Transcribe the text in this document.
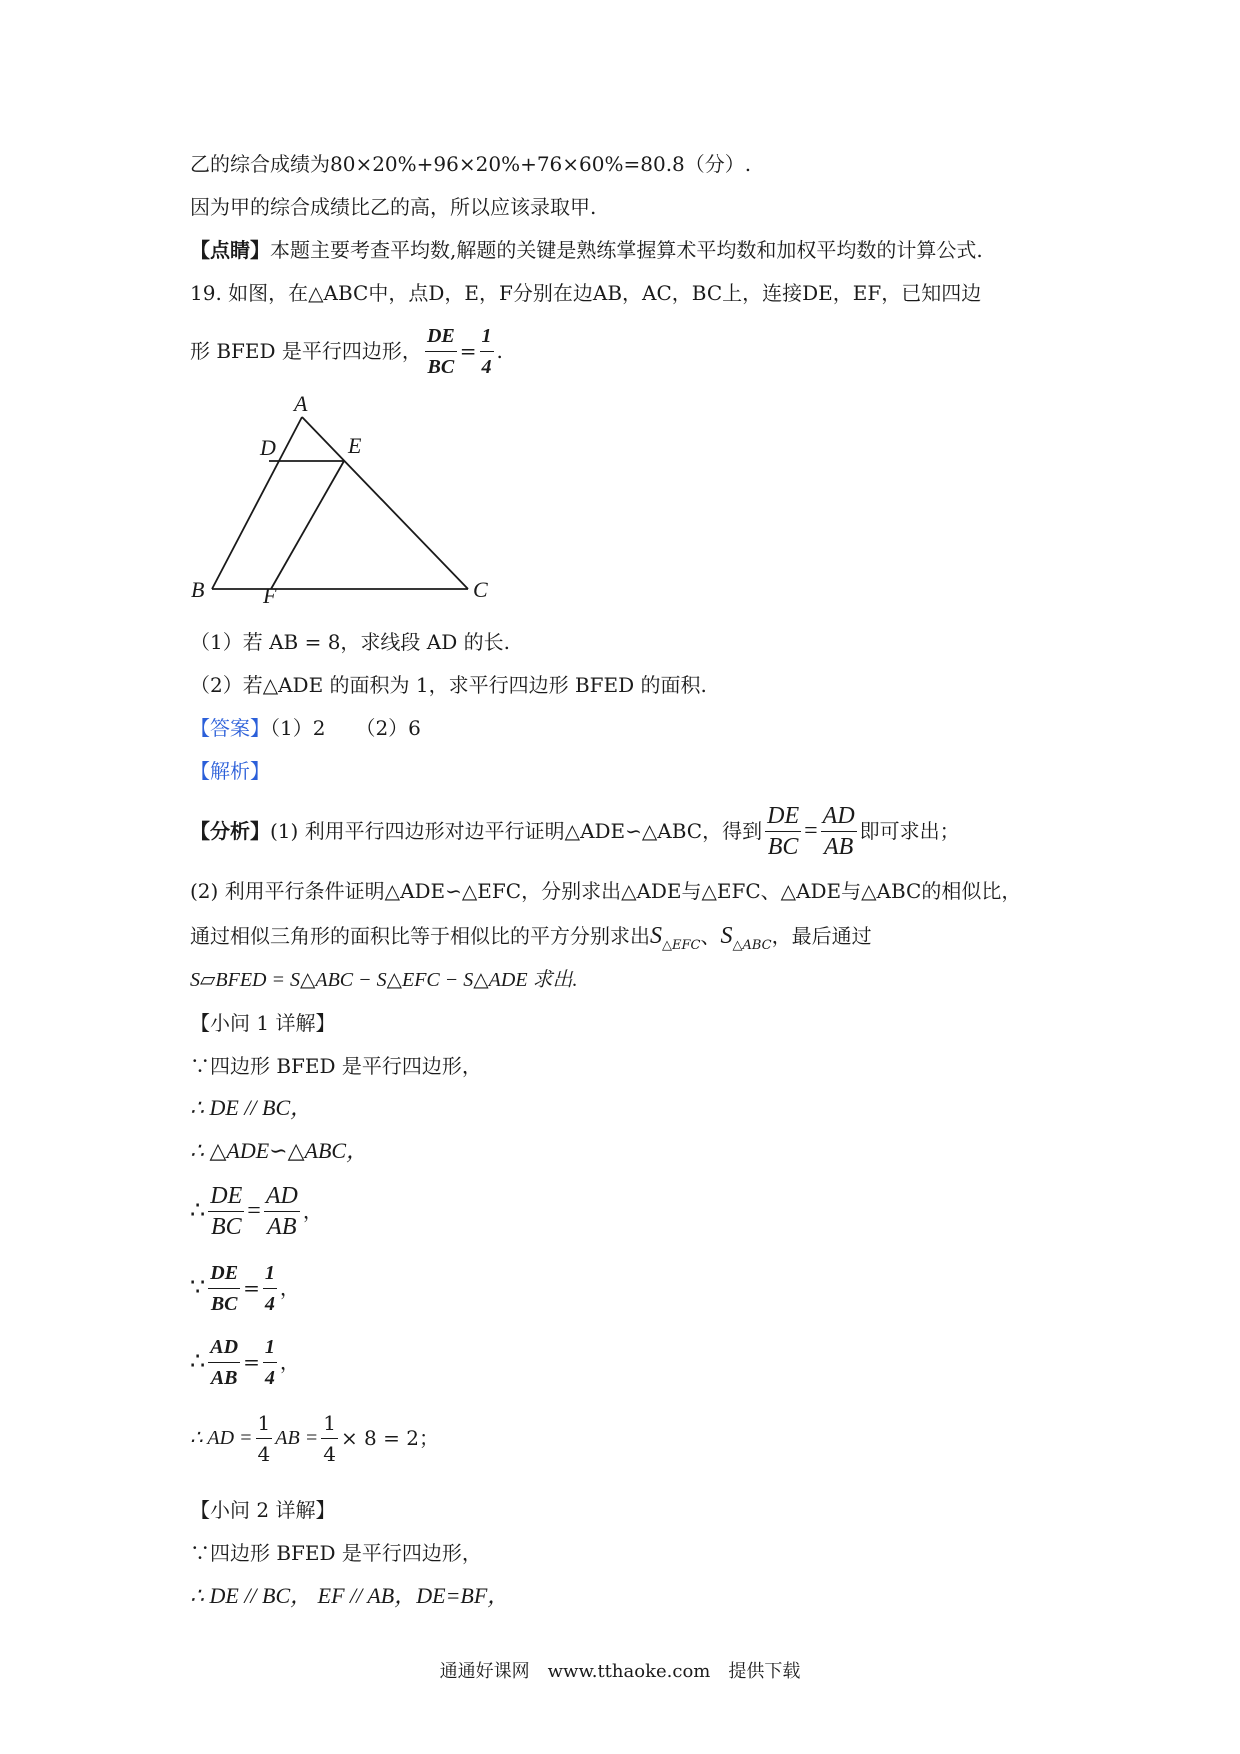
乙的综合成绩为80×20%+96×20%+76×60%=80.8（分）.
因为甲的综合成绩比乙的高，所以应该录取甲.
【点睛】本题主要考查平均数,解题的关键是熟练掌握算术平均数和加权平均数的计算公式.
19. 如图，在△ABC中，点D，E，F分别在边AB，AC，BC上，连接DE，EF，已知四边
形 BFED 是平行四边形， $\frac{DE}{BC} = \frac{1}{4}$ .
A
D	E
B	C
F
（1）若 AB = 8，求线段 AD 的长.
（2）若△ADE 的面积为 1，求平行四边形 BFED 的面积.
【答案】（1）2　　（2）6
【解析】
【分析】 (1) 利用平行四边形对边平行证明△ADE∽△ABC，得到 $\frac{DE}{BC} = \frac{AD}{AB}$ 即可求出；
(2) 利用平行条件证明△ADE∽△EFC，分别求出△ADE与△EFC、△ADE与△ABC的相似比，
通过相似三角形的面积比等于相似比的平方分别求出$S_{\triangle EFC}$、$S_{\triangle ABC}$，最后通过
S▱BFED = S△ABC − S△EFC − S△ADE 求出.
【小问 1 详解】
∵四边形 BFED 是平行四边形，
∴ DE // BC，
∴ △ADE∽△ABC，
∴ $\frac{DE}{BC} = \frac{AD}{AB}$ ，
∵ $\frac{DE}{BC} = \frac{1}{4}$ ，
∴ $\frac{AD}{AB} = \frac{1}{4}$ ，
∴ AD = $\frac{1}{4}$ AB = $\frac{1}{4} \times 8 = 2$；
【小问 2 详解】
∵四边形 BFED 是平行四边形，
∴ DE // BC， EF // AB，DE=BF，
通通好课网　www.tthaoke.com　提供下载
